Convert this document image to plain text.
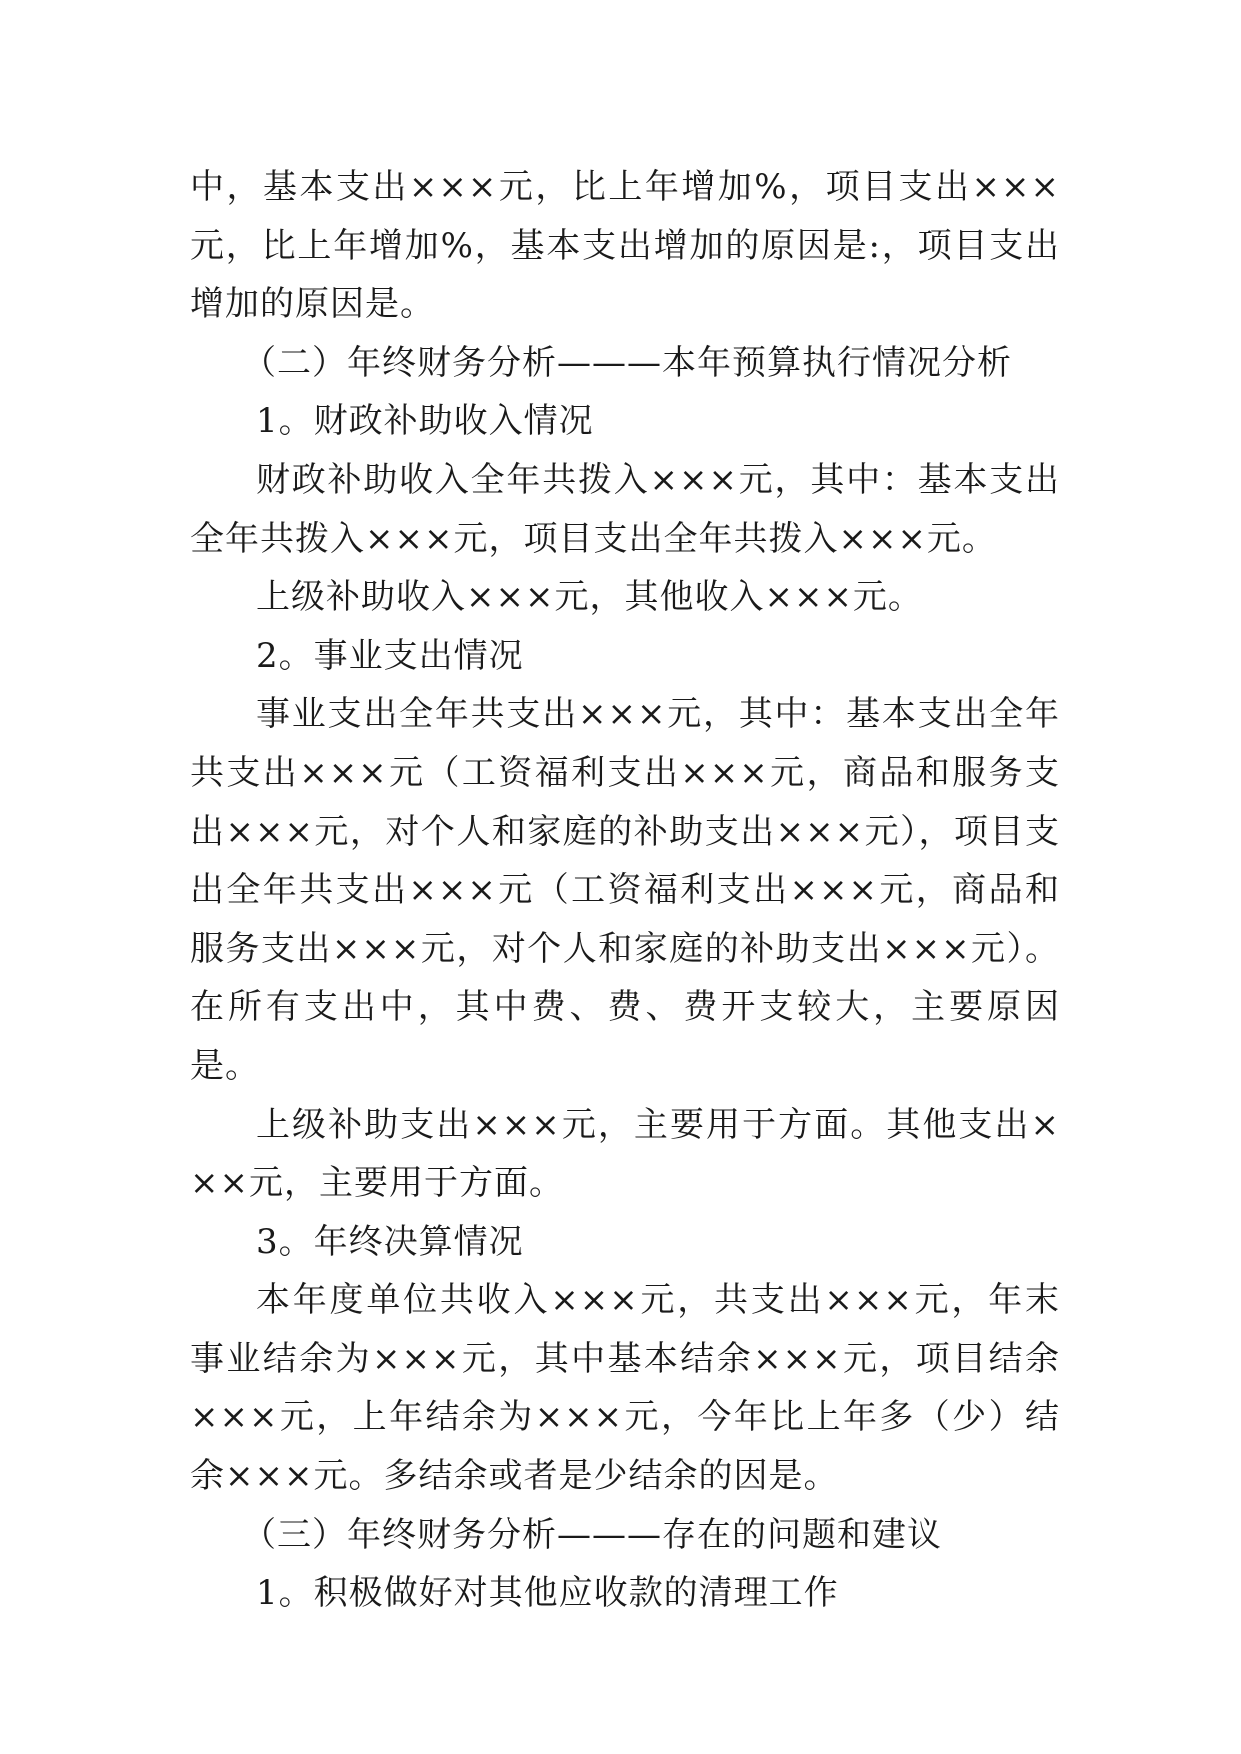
中，基本支出×××元，比上年增加%，项目支出×××元，比上年增加%，基本支出增加的原因是:，项目支出增加的原因是。

（二）年终财务分析———本年预算执行情况分析

1。财政补助收入情况

财政补助收入全年共拨入×××元，其中：基本支出全年共拨入×××元，项目支出全年共拨入×××元。

上级补助收入×××元，其他收入×××元。

2。事业支出情况

事业支出全年共支出×××元，其中：基本支出全年共支出×××元（工资福利支出×××元，商品和服务支出×××元，对个人和家庭的补助支出×××元），项目支出全年共支出×××元（工资福利支出×××元，商品和服务支出×××元，对个人和家庭的补助支出×××元）。在所有支出中，其中费、费、费开支较大，主要原因是。

上级补助支出×××元，主要用于方面。其他支出×××元，主要用于方面。

3。年终决算情况

本年度单位共收入×××元，共支出×××元，年末事业结余为×××元，其中基本结余×××元，项目结余×××元，上年结余为×××元，今年比上年多（少）结余×××元。多结余或者是少结余的因是。

（三）年终财务分析———存在的问题和建议

1。积极做好对其他应收款的清理工作
